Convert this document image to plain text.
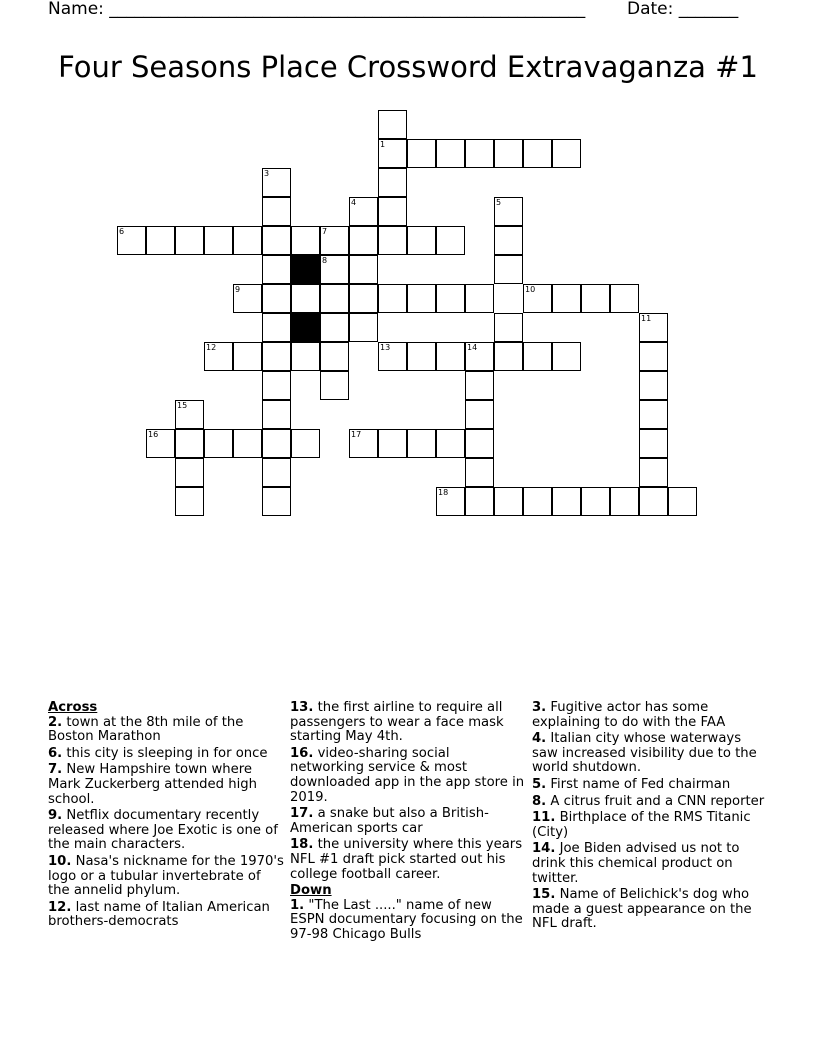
Name: ________________________________________________________ Date: _______
Four Seasons Place Crossword Extravaganza #1
1
3
4	5
6	7
8
9	10
11
12	13	14
15
16	17
18
Across
2. town at the 8th mile of the Boston Marathon
6. this city is sleeping in for once
7. New Hampshire town where Mark Zuckerberg attended high school.
9. Netflix documentary recently released where Joe Exotic is one of the main characters.
10. Nasa's nickname for the 1970's logo or a tubular invertebrate of the annelid phylum.
12. last name of Italian American brothers-democrats
13. the first airline to require all passengers to wear a face mask starting May 4th.
16. video-sharing social networking service & most downloaded app in the app store in 2019.
17. a snake but also a British-American sports car
18. the university where this years NFL #1 draft pick started out his college football career.
Down
1. "The Last ....." name of new ESPN documentary focusing on the 97-98 Chicago Bulls
3. Fugitive actor has some explaining to do with the FAA
4. Italian city whose waterways saw increased visibility due to the world shutdown.
5. First name of Fed chairman
8. A citrus fruit and a CNN reporter
11. Birthplace of the RMS Titanic (City)
14. Joe Biden advised us not to drink this chemical product on twitter.
15. Name of Belichick's dog who made a guest appearance on the NFL draft.
